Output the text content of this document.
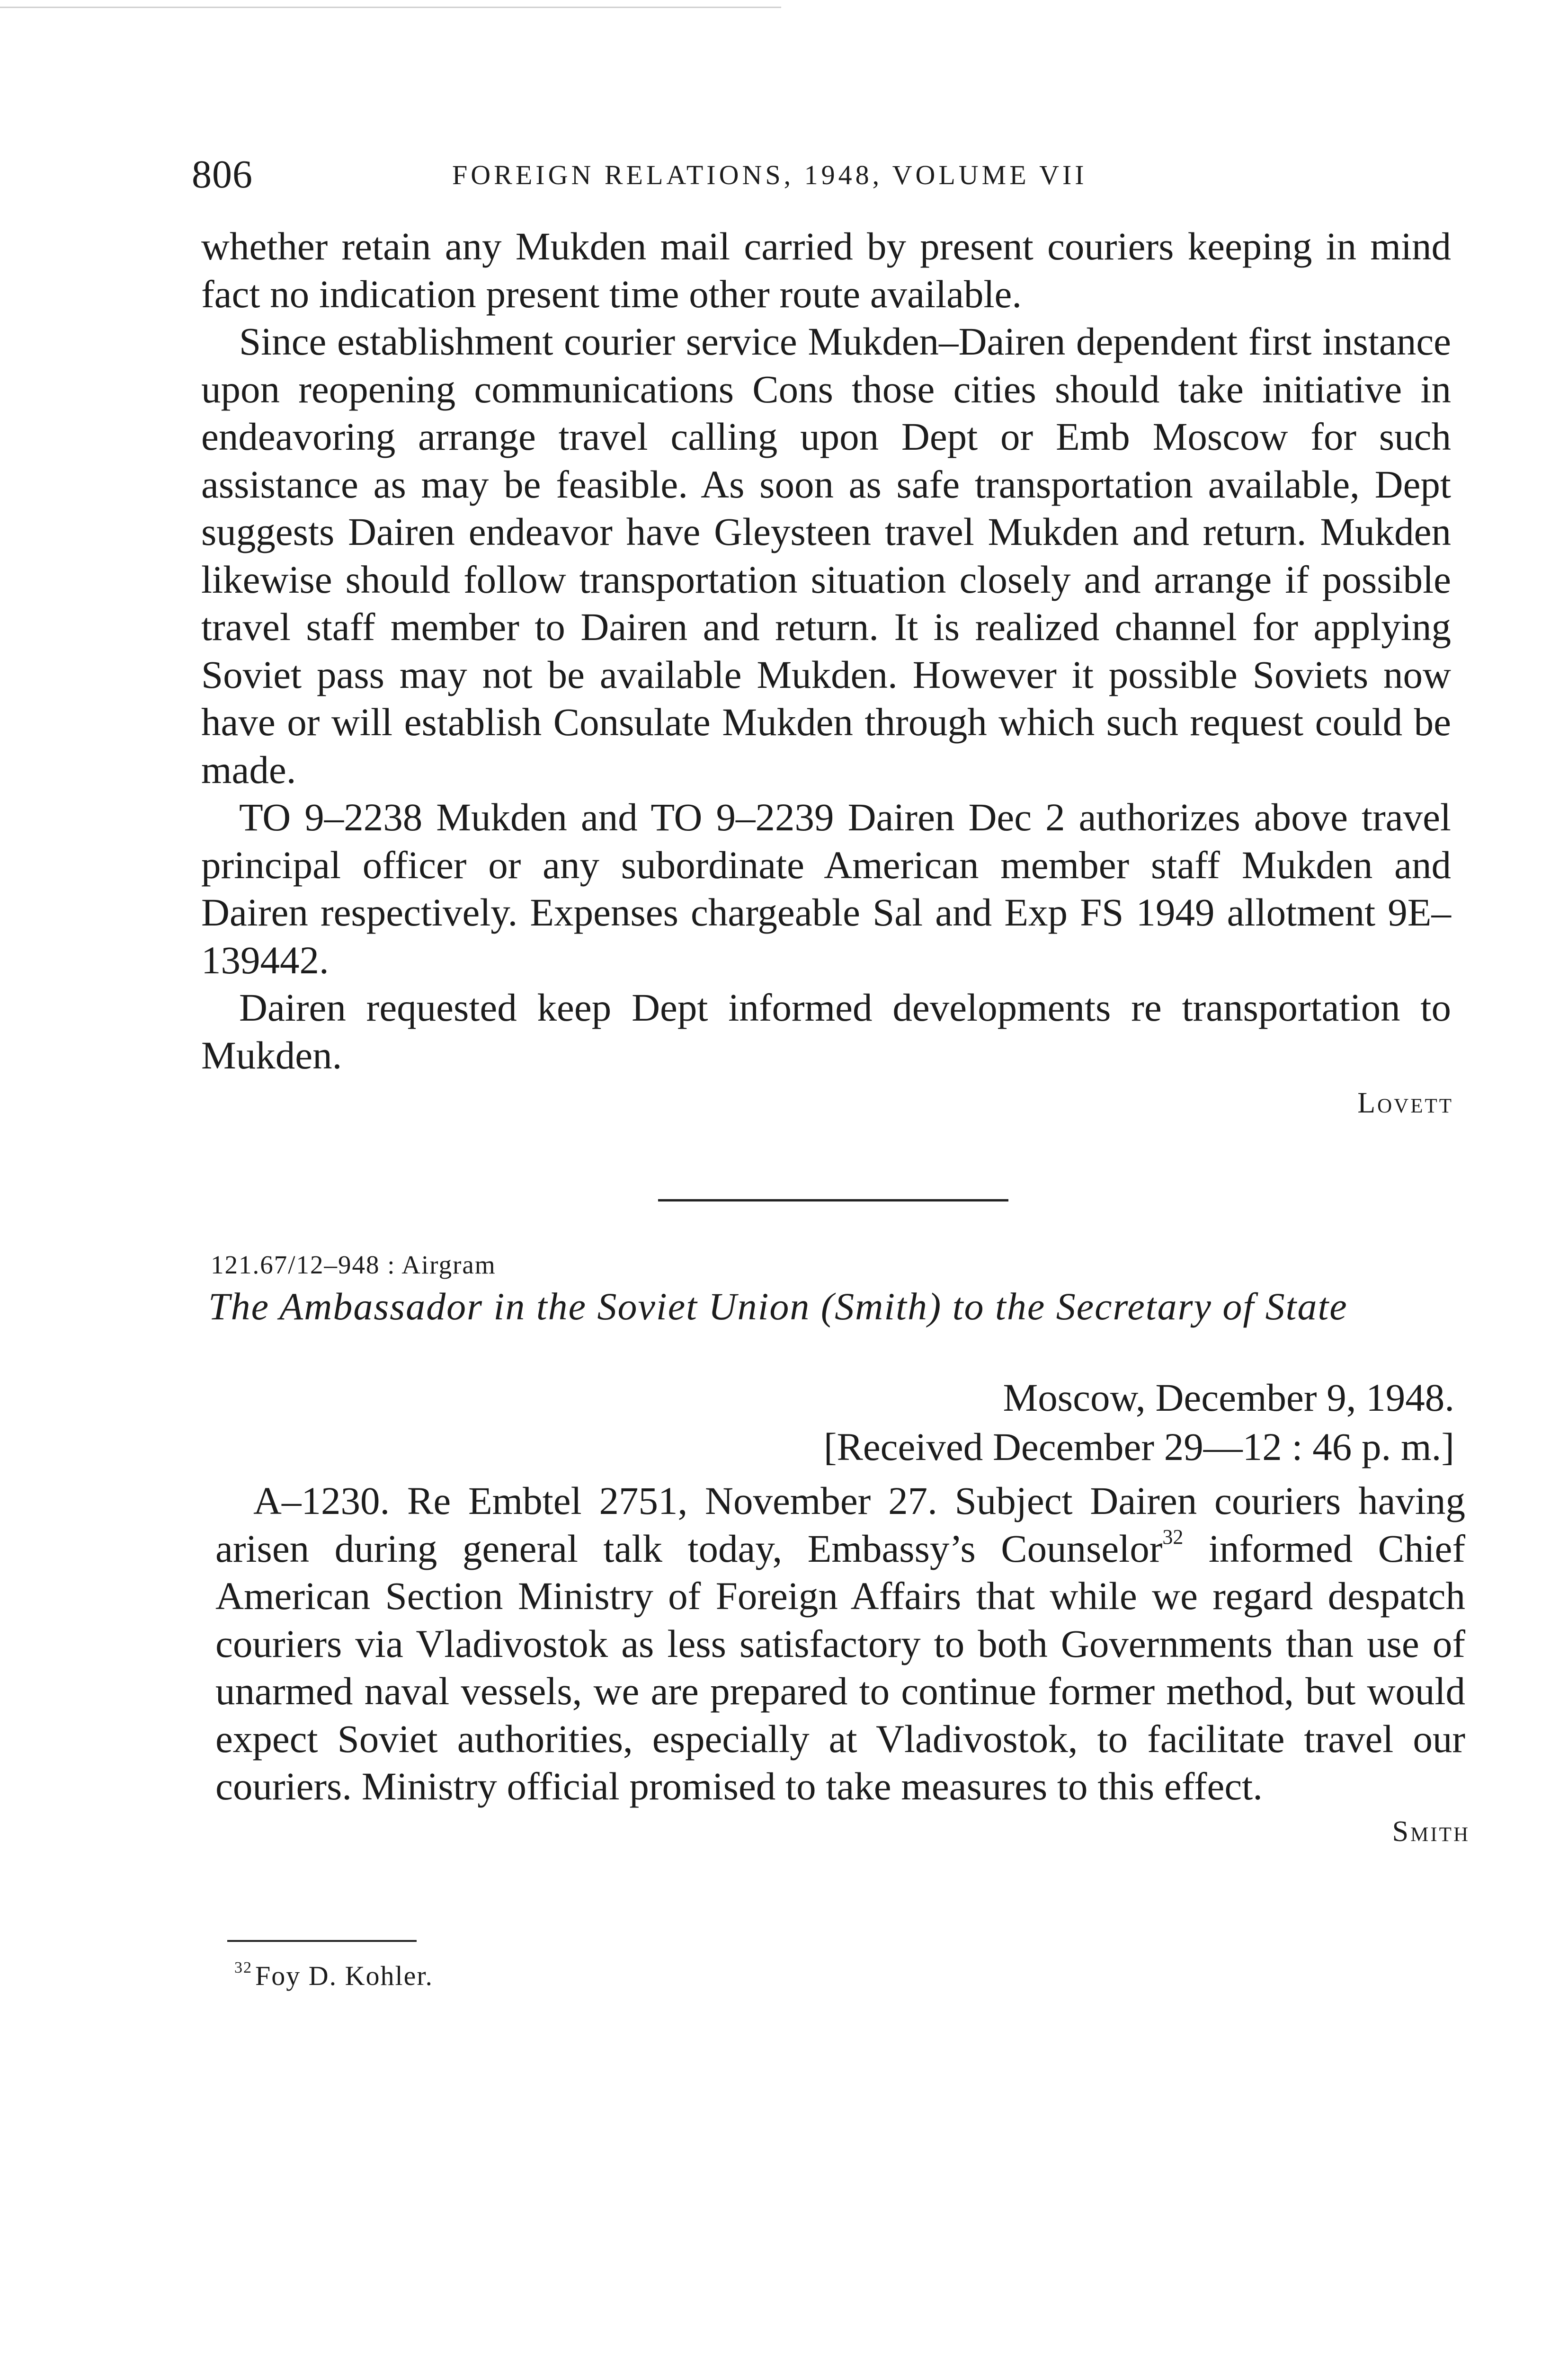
806	FOREIGN RELATIONS, 1948, VOLUME VII

whether retain any Mukden mail carried by present couriers keeping in mind fact no indication present time other route available.

Since establishment courier service Mukden–Dairen dependent first instance upon reopening communications Cons those cities should take initiative in endeavoring arrange travel calling upon Dept or Emb Moscow for such assistance as may be feasible. As soon as safe transportation available, Dept suggests Dairen endeavor have Gleysteen travel Mukden and return. Mukden likewise should follow transportation situation closely and arrange if possible travel staff member to Dairen and return. It is realized channel for applying Soviet pass may not be available Mukden. However it possible Soviets now have or will establish Consulate Mukden through which such request could be made.

TO 9–2238 Mukden and TO 9–2239 Dairen Dec 2 authorizes above travel principal officer or any subordinate American member staff Mukden and Dairen respectively. Expenses chargeable Sal and Exp FS 1949 allotment 9E–139442.

Dairen requested keep Dept informed developments re transportation to Mukden.

Lovett

121.67/12–948 : Airgram
The Ambassador in the Soviet Union (Smith) to the Secretary of State
Moscow, December 9, 1948.
[Received December 29—12 : 46 p. m.]

A–1230. Re Embtel 2751, November 27. Subject Dairen couriers having arisen during general talk today, Embassy’s Counselor$^{32}$ informed Chief American Section Ministry of Foreign Affairs that while we regard despatch couriers via Vladivostok as less satisfactory to both Governments than use of unarmed naval vessels, we are prepared to continue former method, but would expect Soviet authorities, especially at Vladivostok, to facilitate travel our couriers. Ministry official promised to take measures to this effect.

Smith

$^{32}$ Foy D. Kohler.
